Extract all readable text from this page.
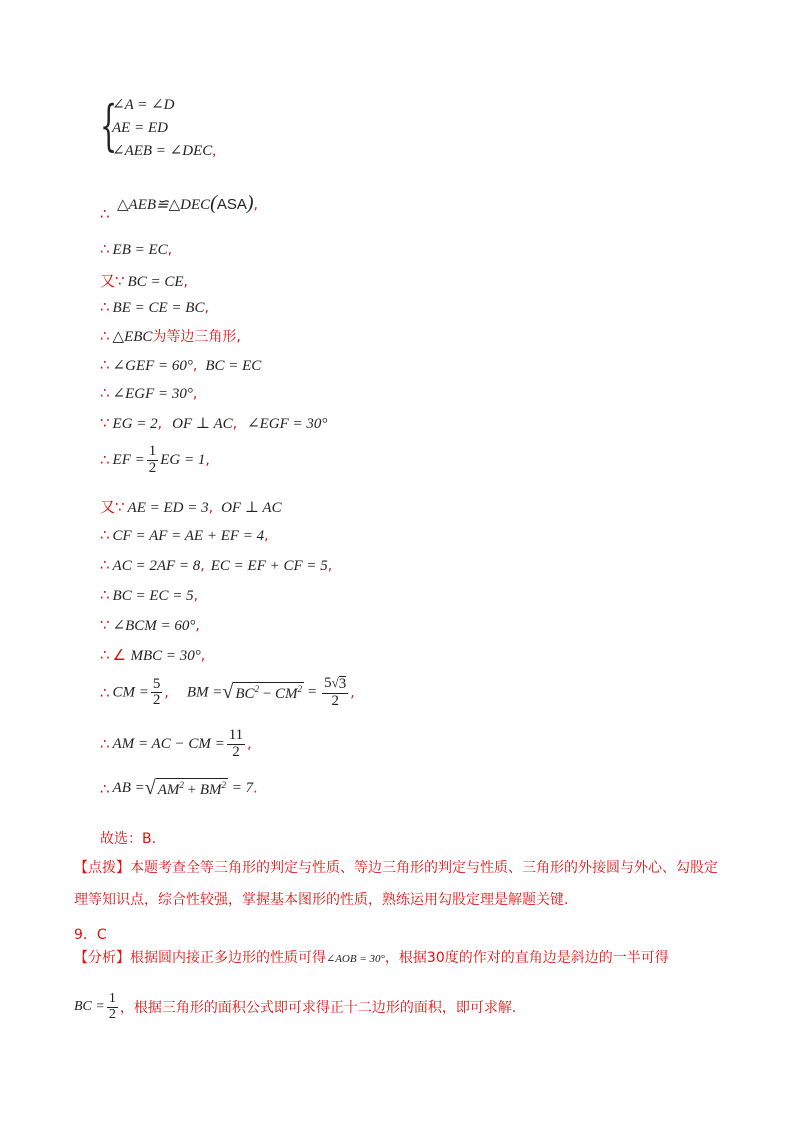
{
∠A = ∠D
AE = ED
∠AEB = ∠DEC,
∴ △AEB≌△DEC(ASA),
∴ EB = EC,
又∵ BC = CE,
∴ BE = CE = BC,
∴ △EBC为等边三角形,
∴ ∠GEF = 60°, BC = EC
∴ ∠EGF = 30°,
∵ EG = 2, OF ⊥ AC, ∠EGF = 30°
∴ EF = $\frac{1}{2}$ EG = 1,
又∵ AE = ED = 3, OF ⊥ AC
∴ CF = AF = AE + EF = 4,
∴ AC = 2AF = 8, EC = EF + CF = 5,
∴ BC = EC = 5,
∵ ∠BCM = 60°,
∴ ∠ MBC = 30°,
∴ CM = $\frac{5}{2}$ , BM = √ $BC^2 - CM^2 = \frac{5 √ 3}{2}$ ,
∴ AM = AC − CM = $\frac{11}{2}$ ,
∴ AB = √ $AM^2 + BM^2 = 7$.
故选：B.
【点拨】本题考查全等三角形的判定与性质、等边三角形的判定与性质、三角形的外接圆与外心、勾股定理等知识点，综合性较强，掌握基本图形的性质，熟练运用勾股定理是解题关键.
9．C
【分析】根据圆内接正多边形的性质可得∠AOB = 30°，根据30度的作对的直角边是斜边的一半可得
BC = $\frac{1}{2}$ ，根据三角形的面积公式即可求得正十二边形的面积，即可求解.
